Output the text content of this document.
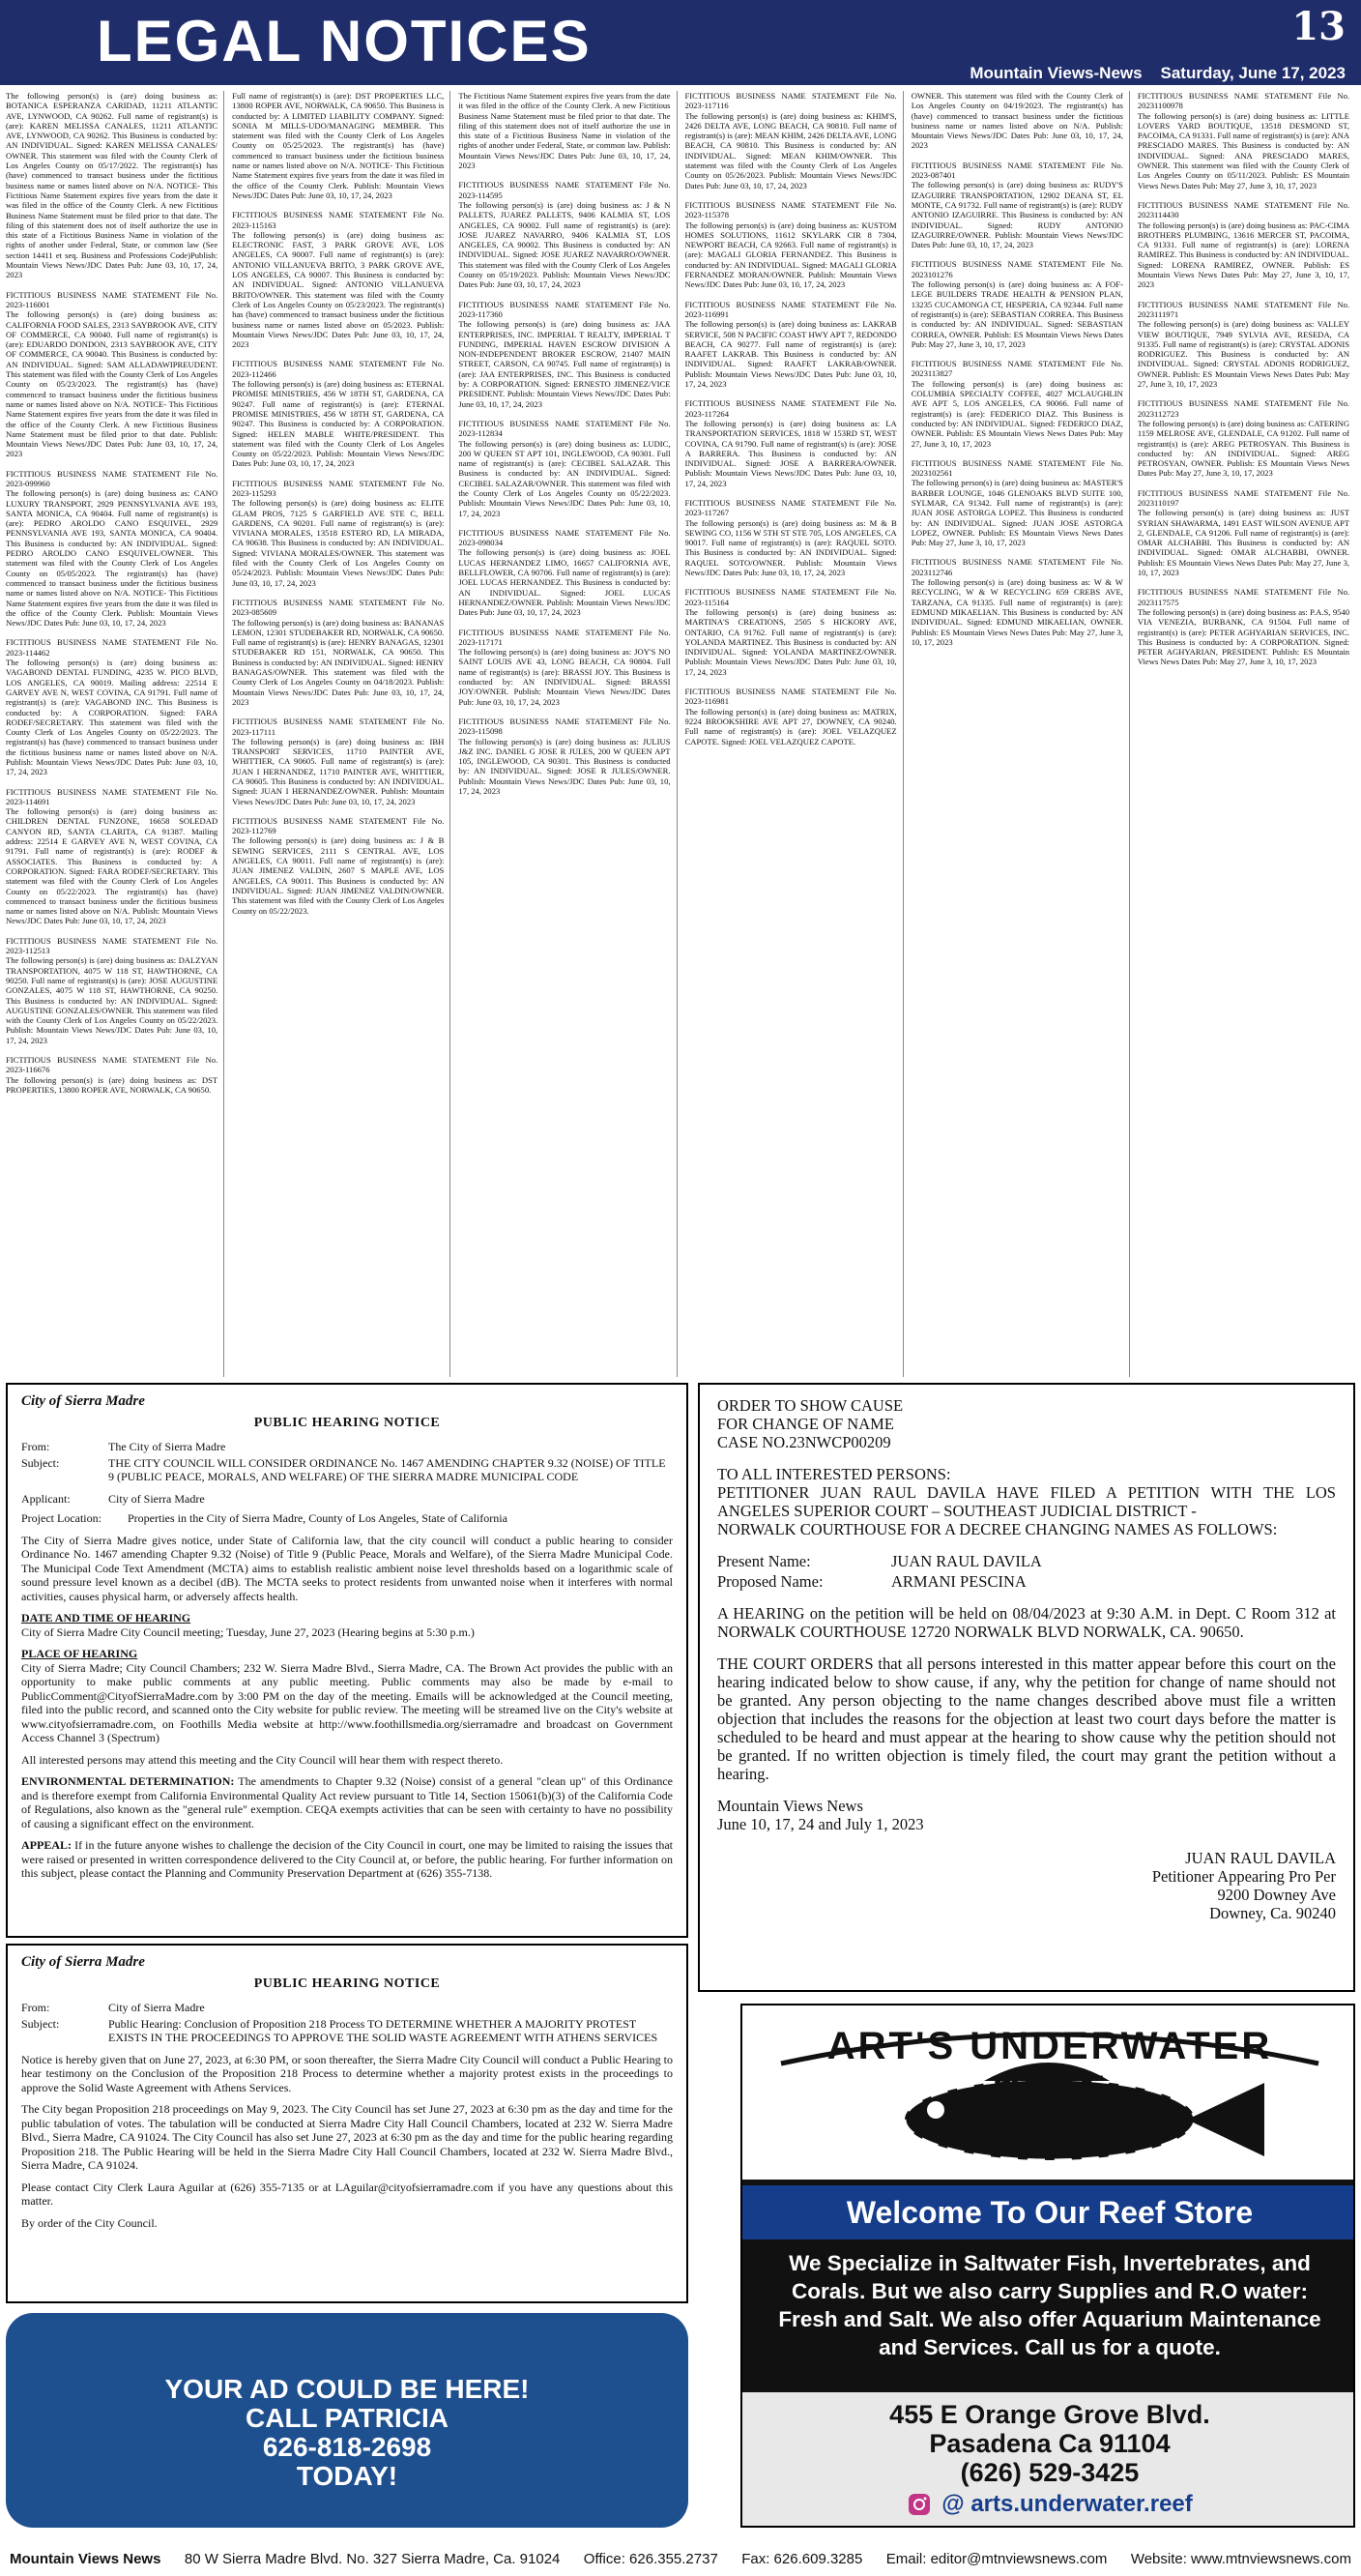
LEGAL NOTICES	13
Mountain Views-News Saturday, June 17, 2023
The following person(s) is (are) doing business as: BOTANICA ESPERANZA CARIDAD, 11211 ATLANTIC AVE, LYNWOOD, CA 90262. Full name of registrant(s) is (are): KAREN MELISSA CANALES, 11211 ATLANTIC AVE, LYNWOOD, CA 90262. This Business is conducted by: AN INDIVIDUAL. Signed: KAREN MELISSA CANALES/ OWNER. This statement was filed with the County Clerk of Los Angeles County on 05/17/2022. The registrant(s) has (have) commenced to transact business under the fictitious business name or names listed above on N/A. NOTICE- This Fictitious Name Statement expires five years from the date it was filed in the office of the County Clerk. A new Fictitious Business Name Statement must be filed prior to that date. The filing of this statement does not of itself authorize the use in this state of a Fictitious Business Name in violation of the rights of another under Federal, State, or common law (See section 14411 et seq. Business and Professions Code)Publish: Mountain Views News/JDC Dates Pub: June 03, 10, 17, 24, 2023
FICTITIOUS BUSINESS NAME STATEMENT File No. 2023-116001
The following person(s) is (are) doing business as: CALIFORNIA FOOD SALES, 2313 SAYBROOK AVE, CITY OF COMMERCE, CA 90040. Full name of registrant(s) is (are): EDUARDO DONDON, 2313 SAYBROOK AVE, CITY OF COMMERCE, CA 90040. This Business is conducted by: AN INDIVIDUAL. Signed: SAM ALLADAWIPREUDENT. This statement was filed with the County Clerk of Los Angeles County on 05/23/2023. The registrant(s) has (have) commenced to transact business under the fictitious business name or names listed above on N/A. NOTICE- This Fictitious Name Statement expires five years from the date it was filed in the office of the County Clerk. A new Fictitious Business Name Statement must be filed prior to that date. Publish: Mountain Views News/JDC Dates Pub: June 03, 10, 17, 24, 2023
FICTITIOUS BUSINESS NAME STATEMENT File No. 2023-099960
The following person(s) is (are) doing business as: CANO LUXURY TRANSPORT, 2929 PENNSYLVANIA AVE 193, SANTA MONICA, CA 90404. Full name of registrant(s) is (are): PEDRO AROLDO CANO ESQUIVEL, 2929 PENNSYLVANIA AVE 193, SANTA MONICA, CA 90404. This Business is conducted by: AN INDIVIDUAL. Signed: PEDRO AROLDO CANO ESQUIVEL/OWNER. This statement was filed with the County Clerk of Los Angeles County on 05/05/2023. The registrant(s) has (have) commenced to transact business under the fictitious business name or names listed above on N/A. NOTICE- This Fictitious Name Statement expires five years from the date it was filed in the office of the County Clerk. Publish: Mountain Views News/JDC Dates Pub: June 03, 10, 17, 24, 2023
FICTITIOUS BUSINESS NAME STATEMENT File No. 2023-114462
The following person(s) is (are) doing business as: VAGABOND DENTAL FUNDING, 4235 W. PICO BLVD, LOS ANGELES, CA 90019. Mailing address: 22514 E GARVEY AVE N, WEST COVINA, CA 91791. Full name of registrant(s) is (are): VAGABOND INC. This Business is conducted by: A CORPORATION. Signed: FARA RODEF/SECRETARY. This statement was filed with the County Clerk of Los Angeles County on 05/22/2023. The registrant(s) has (have) commenced to transact business under the fictitious business name or names listed above on N/A. Publish: Mountain Views News/JDC Dates Pub: June 03, 10, 17, 24, 2023
FICTITIOUS BUSINESS NAME STATEMENT File No. 2023-114691
The following person(s) is (are) doing business as: CHILDREN DENTAL FUNZONE, 16658 SOLEDAD CANYON RD, SANTA CLARITA, CA 91387. Mailing address: 22514 E GARVEY AVE N, WEST COVINA, CA 91791. Full name of registrant(s) is (are): RODEF & ASSOCIATES. This Business is conducted by: A CORPORATION. Signed: FARA RODEF/SECRETARY. This statement was filed with the County Clerk of Los Angeles County on 05/22/2023. The registrant(s) has (have) commenced to transact business under the fictitious business name or names listed above on N/A. Publish: Mountain Views News/JDC Dates Pub: June 03, 10, 17, 24, 2023
FICTITIOUS BUSINESS NAME STATEMENT File No. 2023-112513
The following person(s) is (are) doing business as: DALZYAN TRANSPORTATION, 4075 W 118 ST, HAWTHORNE, CA 90250. Full name of registrant(s) is (are): JOSE AUGUSTINE GONZALES, 4075 W 118 ST, HAWTHORNE, CA 90250. This Business is conducted by: AN INDIVIDUAL. Signed: AUGUSTINE GONZALES/OWNER. This statement was filed with the County Clerk of Los Angeles County on 05/22/2023. Publish: Mountain Views News/JDC Dates Pub: June 03, 10, 17, 24, 2023
FICTITIOUS BUSINESS NAME STATEMENT File No. 2023-116676
The following person(s) is (are) doing business as: DST PROPERTIES, 13800 ROPER AVE, NORWALK, CA 90650.
Full name of registrant(s) is (are): DST PROPERTIES LLC, 13800 ROPER AVE, NORWALK, CA 90650. This Business is conducted by: A LIMITED LIABILITY COMPANY. Signed: SONIA M MILLS-UDO/MANAGING MEMBER. This statement was filed with the County Clerk of Los Angeles County on 05/25/2023. The registrant(s) has (have) commenced to transact business under the fictitious business name or names listed above on N/A. NOTICE- This Fictitious Name Statement expires five years from the date it was filed in the office of the County Clerk. Publish: Mountain Views News/JDC Dates Pub: June 03, 10, 17, 24, 2023
FICTITIOUS BUSINESS NAME STATEMENT File No. 2023-115163
The following person(s) is (are) doing business as: ELECTRONIC FAST, 3 PARK GROVE AVE, LOS ANGELES, CA 90007. Full name of registrant(s) is (are): ANTONIO VILLANUEVA BRITO, 3 PARK GROVE AVE, LOS ANGELES, CA 90007. This Business is conducted by: AN INDIVIDUAL. Signed: ANTONIO VILLANUEVA BRITO/OWNER. This statement was filed with the County Clerk of Los Angeles County on 05/23/2023. The registrant(s) has (have) commenced to transact business under the fictitious business name or names listed above on 05/2023. Publish: Mountain Views News/JDC Dates Pub: June 03, 10, 17, 24, 2023
FICTITIOUS BUSINESS NAME STATEMENT File No. 2023-112466
The following person(s) is (are) doing business as: ETERNAL PROMISE MINISTRIES, 456 W 18TH ST, GARDENA, CA 90247. Full name of registrant(s) is (are): ETERNAL PROMISE MINISTRIES, 456 W 18TH ST, GARDENA, CA 90247. This Business is conducted by: A CORPORATION. Signed: HELEN MABLE WHITE/PRESIDENT. This statement was filed with the County Clerk of Los Angeles County on 05/22/2023. Publish: Mountain Views News/JDC Dates Pub: June 03, 10, 17, 24, 2023
FICTITIOUS BUSINESS NAME STATEMENT File No. 2023-115293
The following person(s) is (are) doing business as: ELITE GLAM PROS, 7125 S GARFIELD AVE STE C, BELL GARDENS, CA 90201. Full name of registrant(s) is (are): VIVIANA MORALES, 13518 ESTERO RD, LA MIRADA, CA 90638. This Business is conducted by: AN INDIVIDUAL. Signed: VIVIANA MORALES/OWNER. This statement was filed with the County Clerk of Los Angeles County on 05/24/2023. Publish: Mountain Views News/JDC Dates Pub: June 03, 10, 17, 24, 2023
FICTITIOUS BUSINESS NAME STATEMENT File No. 2023-085609
The following person(s) is (are) doing business as: BANANAS LEMON, 12301 STUDEBAKER RD, NORWALK, CA 90650. Full name of registrant(s) is (are): HENRY BANAGAS, 12301 STUDEBAKER RD 151, NORWALK, CA 90650. This Business is conducted by: AN INDIVIDUAL. Signed: HENRY BANAGAS/OWNER. This statement was filed with the County Clerk of Los Angeles County on 04/18/2023. Publish: Mountain Views News/JDC Dates Pub: June 03, 10, 17, 24, 2023
FICTITIOUS BUSINESS NAME STATEMENT File No. 2023-117111
The following person(s) is (are) doing business as: IBH TRANSPORT SERVICES, 11710 PAINTER AVE, WHITTIER, CA 90605. Full name of registrant(s) is (are): JUAN I HERNANDEZ, 11710 PAINTER AVE, WHITTIER, CA 90605. This Business is conducted by: AN INDIVIDUAL. Signed: JUAN I HERNANDEZ/OWNER. Publish: Mountain Views News/JDC Dates Pub: June 03, 10, 17, 24, 2023
FICTITIOUS BUSINESS NAME STATEMENT File No. 2023-112769
The following person(s) is (are) doing business as: J & B SEWING SERVICES, 2111 S CENTRAL AVE, LOS ANGELES, CA 90011. Full name of registrant(s) is (are): JUAN JIMENEZ VALDIN, 2607 S MAPLE AVE, LOS ANGELES, CA 90011. This Business is conducted by: AN INDIVIDUAL. Signed: JUAN JIMENEZ VALDIN/OWNER. This statement was filed with the County Clerk of Los Angeles County on 05/22/2023.
The Fictitious Name Statement expires five years from the date it was filed in the office of the County Clerk. A new Fictitious Business Name Statement must be filed prior to that date. The filing of this statement does not of itself authorize the use in this state of a Fictitious Business Name in violation of the rights of another under Federal, State, or common law. Publish: Mountain Views News/JDC Dates Pub: June 03, 10, 17, 24, 2023
FICTITIOUS BUSINESS NAME STATEMENT File No. 2023-114595
The following person(s) is (are) doing business as: J & N PALLETS, JUAREZ PALLETS, 9406 KALMIA ST, LOS ANGELES, CA 90002. Full name of registrant(s) is (are): JOSE JUAREZ NAVARRO, 9406 KALMIA ST, LOS ANGELES, CA 90002. This Business is conducted by: AN INDIVIDUAL. Signed: JOSE JUAREZ NAVARRO/OWNER. This statement was filed with the County Clerk of Los Angeles County on 05/19/2023. Publish: Mountain Views News/JDC Dates Pub: June 03, 10, 17, 24, 2023
FICTITIOUS BUSINESS NAME STATEMENT File No. 2023-117360
The following person(s) is (are) doing business as: JAA ENTERPRISES, INC. IMPERIAL T REALTY, IMPERIAL T FUNDING, IMPERIAL HAVEN ESCROW DIVISION A NON-INDEPENDENT BROKER ESCROW, 21407 MAIN STREET, CARSON, CA 90745. Full name of registrant(s) is (are): JAA ENTERPRISES, INC. This Business is conducted by: A CORPORATION. Signed: ERNESTO JIMENEZ/VICE PRESIDENT. Publish: Mountain Views News/JDC Dates Pub: June 03, 10, 17, 24, 2023
FICTITIOUS BUSINESS NAME STATEMENT File No. 2023-112834
The following person(s) is (are) doing business as: LUDIC, 200 W QUEEN ST APT 101, INGLEWOOD, CA 90301. Full name of registrant(s) is (are): CECIBEL SALAZAR. This Business is conducted by: AN INDIVIDUAL. Signed: CECIBEL SALAZAR/OWNER. This statement was filed with the County Clerk of Los Angeles County on 05/22/2023. Publish: Mountain Views News/JDC Dates Pub: June 03, 10, 17, 24, 2023
FICTITIOUS BUSINESS NAME STATEMENT File No. 2023-098034
The following person(s) is (are) doing business as: JOEL LUCAS HERNANDEZ LIMO, 16657 CALIFORNIA AVE, BELLFLOWER, CA 90706. Full name of registrant(s) is (are): JOEL LUCAS HERNANDEZ. This Business is conducted by: AN INDIVIDUAL. Signed: JOEL LUCAS HERNANDEZ/OWNER. Publish: Mountain Views News/JDC Dates Pub: June 03, 10, 17, 24, 2023
FICTITIOUS BUSINESS NAME STATEMENT File No. 2023-117171
The following person(s) is (are) doing business as: JOY'S NO SAINT LOUIS AVE 43, LONG BEACH, CA 90804. Full name of registrant(s) is (are): BRASSI JOY. This Business is conducted by: AN INDIVIDUAL. Signed: BRASSI JOY/OWNER. Publish: Mountain Views News/JDC Dates Pub: June 03, 10, 17, 24, 2023
FICTITIOUS BUSINESS NAME STATEMENT File No. 2023-115098
The following person(s) is (are) doing business as: JULIUS J&Z INC. DANIEL G JOSE R JULES, 200 W QUEEN APT 105, INGLEWOOD, CA 90301. This Business is conducted by: AN INDIVIDUAL. Signed: JOSE R JULES/OWNER. Publish: Mountain Views News/JDC Dates Pub: June 03, 10, 17, 24, 2023
FICTITIOUS BUSINESS NAME STATEMENT File No. 2023-117116
The following person(s) is (are) doing business as: KHIM'S, 2426 DELTA AVE, LONG BEACH, CA 90810. Full name of registrant(s) is (are): MEAN KHIM, 2426 DELTA AVE, LONG BEACH, CA 90810. This Business is conducted by: AN INDIVIDUAL. Signed: MEAN KHIM/OWNER. This statement was filed with the County Clerk of Los Angeles County on 05/26/2023. Publish: Mountain Views News/JDC Dates Pub: June 03, 10, 17, 24, 2023
FICTITIOUS BUSINESS NAME STATEMENT File No. 2023-115378
The following person(s) is (are) doing business as: KUSTOM HOMES SOLUTIONS, 11612 SKYLARK CIR 8 7304, NEWPORT BEACH, CA 92663. Full name of registrant(s) is (are): MAGALI GLORIA FERNANDEZ. This Business is conducted by: AN INDIVIDUAL. Signed: MAGALI GLORIA FERNANDEZ MORAN/OWNER. Publish: Mountain Views News/JDC Dates Pub: June 03, 10, 17, 24, 2023
FICTITIOUS BUSINESS NAME STATEMENT File No. 2023-116991
The following person(s) is (are) doing business as: LAKRAB SERVICE, 508 N PACIFIC COAST HWY APT 7, REDONDO BEACH, CA 90277. Full name of registrant(s) is (are): RAAFET LAKRAB. This Business is conducted by: AN INDIVIDUAL. Signed: RAAFET LAKRAB/OWNER. Publish: Mountain Views News/JDC Dates Pub: June 03, 10, 17, 24, 2023
FICTITIOUS BUSINESS NAME STATEMENT File No. 2023-117264
The following person(s) is (are) doing business as: LA TRANSPORTATION SERVICES, 1818 W 153RD ST, WEST COVINA, CA 91790. Full name of registrant(s) is (are): JOSE A BARRERA. This Business is conducted by: AN INDIVIDUAL. Signed: JOSE A BARRERA/OWNER. Publish: Mountain Views News/JDC Dates Pub: June 03, 10, 17, 24, 2023
FICTITIOUS BUSINESS NAME STATEMENT File No. 2023-117267
The following person(s) is (are) doing business as: M & B SEWING CO, 1156 W 5TH ST STE 705, LOS ANGELES, CA 90017. Full name of registrant(s) is (are): RAQUEL SOTO. This Business is conducted by: AN INDIVIDUAL. Signed: RAQUEL SOTO/OWNER. Publish: Mountain Views News/JDC Dates Pub: June 03, 10, 17, 24, 2023
FICTITIOUS BUSINESS NAME STATEMENT File No. 2023-115164
The following person(s) is (are) doing business as: MARTINA'S CREATIONS, 2505 S HICKORY AVE, ONTARIO, CA 91762. Full name of registrant(s) is (are): YOLANDA MARTINEZ. This Business is conducted by: AN INDIVIDUAL. Signed: YOLANDA MARTINEZ/OWNER. Publish: Mountain Views News/JDC Dates Pub: June 03, 10, 17, 24, 2023
FICTITIOUS BUSINESS NAME STATEMENT File No. 2023-116981
The following person(s) is (are) doing business as: MATRIX, 9224 BROOKSHIRE AVE APT 27, DOWNEY, CA 90240. Full name of registrant(s) is (are): JOEL VELAZQUEZ CAPOTE. Signed: JOEL VELAZQUEZ CAPOTE.
OWNER. This statement was filed with the County Clerk of Los Angeles County on 04/19/2023. The registrant(s) has (have) commenced to transact business under the fictitious business name or names listed above on N/A. Publish: Mountain Views News/JDC Dates Pub: June 03, 10, 17, 24, 2023
FICTITIOUS BUSINESS NAME STATEMENT File No. 2023-087401
The following person(s) is (are) doing business as: RUDY'S IZAGUIRRE TRANSPORTATION, 12902 DEANA ST, EL MONTE, CA 91732. Full name of registrant(s) is (are): RUDY ANTONIO IZAGUIRRE. This Business is conducted by: AN INDIVIDUAL. Signed: RUDY ANTONIO IZAGUIRRE/OWNER. Publish: Mountain Views News/JDC Dates Pub: June 03, 10, 17, 24, 2023
FICTITIOUS BUSINESS NAME STATEMENT File No. 2023101276
The following person(s) is (are) doing business as: A FOF-LEGE BUILDERS TRADE HEALTH & PENSION PLAN, 13235 CUCAMONGA CT, HESPERIA, CA 92344. Full name of registrant(s) is (are): SEBASTIAN CORREA. This Business is conducted by: AN INDIVIDUAL. Signed: SEBASTIAN CORREA, OWNER. Publish: ES Mountain Views News Dates Pub: May 27, June 3, 10, 17, 2023
FICTITIOUS BUSINESS NAME STATEMENT File No. 2023113827
The following person(s) is (are) doing business as: COLUMBIA SPECIALTY COFFEE, 4027 MCLAUGHLIN AVE APT 5, LOS ANGELES, CA 90066. Full name of registrant(s) is (are): FEDERICO DIAZ. This Business is conducted by: AN INDIVIDUAL. Signed: FEDERICO DIAZ, OWNER. Publish: ES Mountain Views News Dates Pub: May 27, June 3, 10, 17, 2023
FICTITIOUS BUSINESS NAME STATEMENT File No. 2023102561
The following person(s) is (are) doing business as: MASTER'S BARBER LOUNGE, 1046 GLENOAKS BLVD SUITE 100, SYLMAR, CA 91342. Full name of registrant(s) is (are): JUAN JOSE ASTORGA LOPEZ. This Business is conducted by: AN INDIVIDUAL. Signed: JUAN JOSE ASTORGA LOPEZ, OWNER. Publish: ES Mountain Views News Dates Pub: May 27, June 3, 10, 17, 2023
FICTITIOUS BUSINESS NAME STATEMENT File No. 2023112746
The following person(s) is (are) doing business as: W & W RECYCLING, W & W RECYCLING 659 CREBS AVE, TARZANA, CA 91335. Full name of registrant(s) is (are): EDMUND MIKAELIAN. This Business is conducted by: AN INDIVIDUAL. Signed: EDMUND MIKAELIAN, OWNER. Publish: ES Mountain Views News Dates Pub: May 27, June 3, 10, 17, 2023
FICTITIOUS BUSINESS NAME STATEMENT File No. 20231100978
The following person(s) is (are) doing business as: LITTLE LOVERS YARD BOUTIQUE, 13518 DESMOND ST, PACOIMA, CA 91331. Full name of registrant(s) is (are): ANA PRESCIADO MARES. This Business is conducted by: AN INDIVIDUAL. Signed: ANA PRESCIADO MARES, OWNER. This statement was filed with the County Clerk of Los Angeles County on 05/11/2023. Publish: ES Mountain Views News Dates Pub: May 27, June 3, 10, 17, 2023
FICTITIOUS BUSINESS NAME STATEMENT File No. 2023114430
The following person(s) is (are) doing business as: PAC-CIMA BROTHERS PLUMBING, 13616 MERCER ST, PACOIMA, CA 91331. Full name of registrant(s) is (are): LORENA RAMIREZ. This Business is conducted by: AN INDIVIDUAL. Signed: LORENA RAMIREZ, OWNER. Publish: ES Mountain Views News Dates Pub: May 27, June 3, 10, 17, 2023
FICTITIOUS BUSINESS NAME STATEMENT File No. 2023111971
The following person(s) is (are) doing business as: VALLEY VIEW BOUTIQUE, 7949 SYLVIA AVE, RESEDA, CA 91335. Full name of registrant(s) is (are): CRYSTAL ADONIS RODRIGUEZ. This Business is conducted by: AN INDIVIDUAL. Signed: CRYSTAL ADONIS RODRIGUEZ, OWNER. Publish: ES Mountain Views News Dates Pub: May 27, June 3, 10, 17, 2023
FICTITIOUS BUSINESS NAME STATEMENT File No. 2023112723
The following person(s) is (are) doing business as: CATERING 1159 MELROSE AVE, GLENDALE, CA 91202. Full name of registrant(s) is (are): AREG PETROSYAN. This Business is conducted by: AN INDIVIDUAL. Signed: AREG PETROSYAN, OWNER. Publish: ES Mountain Views News Dates Pub: May 27, June 3, 10, 17, 2023
FICTITIOUS BUSINESS NAME STATEMENT File No. 2023110197
The following person(s) is (are) doing business as: JUST SYRIAN SHAWARMA, 1491 EAST WILSON AVENUE APT 2, GLENDALE, CA 91206. Full name of registrant(s) is (are): OMAR ALCHABBI. This Business is conducted by: AN INDIVIDUAL. Signed: OMAR ALCHABBI, OWNER. Publish: ES Mountain Views News Dates Pub: May 27, June 3, 10, 17, 2023
FICTITIOUS BUSINESS NAME STATEMENT File No. 2023117575
The following person(s) is (are) doing business as: P.A.S, 9540 VIA VENEZIA, BURBANK, CA 91504. Full name of registrant(s) is (are): PETER AGHYARIAN SERVICES, INC. This Business is conducted by: A CORPORATION. Signed: PETER AGHYARIAN, PRESIDENT. Publish: ES Mountain Views News Dates Pub: May 27, June 3, 10, 17, 2023
City of Sierra Madre
PUBLIC HEARING NOTICE
From:	The City of Sierra Madre
Subject:	THE CITY COUNCIL WILL CONSIDER ORDINANCE No. 1467 AMENDING CHAPTER 9.32 (NOISE) OF TITLE 9 (PUBLIC PEACE, MORALS, AND WELFARE) OF THE SIERRA MADRE MUNICIPAL CODE
Applicant:	City of Sierra Madre
Project Location:	Properties in the City of Sierra Madre, County of Los Angeles, State of California

The City of Sierra Madre gives notice, under State of California law, that the city council will conduct a public hearing to consider Ordinance No. 1467 amending Chapter 9.32 (Noise) of Title 9 (Public Peace, Morals and Welfare), of the Sierra Madre Municipal Code. The Municipal Code Text Amendment (MCTA) aims to establish realistic ambient noise level thresholds based on a logarithmic scale of sound pressure level known as a decibel (dB). The MCTA seeks to protect residents from unwanted noise when it interferes with normal activities, causes physical harm, or adversely affects health.

DATE AND TIME OF HEARING
City of Sierra Madre City Council meeting; Tuesday, June 27, 2023 (Hearing begins at 5:30 p.m.)
PLACE OF HEARING
City of Sierra Madre; City Council Chambers; 232 W. Sierra Madre Blvd., Sierra Madre, CA. The Brown Act provides the public with an opportunity to make public comments at any public meeting. Public comments may also be made by e-mail to PublicComment@CityofSierraMadre.com by 3:00 PM on the day of the meeting. Emails will be acknowledged at the Council meeting, filed into the public record, and scanned onto the City website for public review. The meeting will be streamed live on the City's website at www.cityofsierramadre.com, on Foothills Media website at http://www.foothillsmedia.org/sierramadre and broadcast on Government Access Channel 3 (Spectrum)

All interested persons may attend this meeting and the City Council will hear them with respect thereto.

ENVIRONMENTAL DETERMINATION: The amendments to Chapter 9.32 (Noise) consist of a general "clean up" of this Ordinance and is therefore exempt from California Environmental Quality Act review pursuant to Title 14, Section 15061(b)(3) of the California Code of Regulations, also known as the "general rule" exemption. CEQA exempts activities that can be seen with certainty to have no possibility of causing a significant effect on the environment.

APPEAL: If in the future anyone wishes to challenge the decision of the City Council in court, one may be limited to raising the issues that were raised or presented in written correspondence delivered to the City Council at, or before, the public hearing. For further information on this subject, please contact the Planning and Community Preservation Department at (626) 355-7138.

City of Sierra Madre
PUBLIC HEARING NOTICE
From:	City of Sierra Madre
Subject:	Public Hearing: Conclusion of Proposition 218 Process TO DETERMINE WHETHER A MAJORITY PROTEST EXISTS IN THE PROCEEDINGS TO APPROVE THE SOLID WASTE AGREEMENT WITH ATHENS SERVICES

Notice is hereby given that on June 27, 2023, at 6:30 PM, or soon thereafter, the Sierra Madre City Council will conduct a Public Hearing to hear testimony on the Conclusion of the Proposition 218 Process to determine whether a majority protest exists in the proceedings to approve the Solid Waste Agreement with Athens Services.

The City began Proposition 218 proceedings on May 9, 2023. The City Council has set June 27, 2023 at 6:30 pm as the day and time for the public tabulation of votes. The tabulation will be conducted at Sierra Madre City Hall Council Chambers, located at 232 W. Sierra Madre Blvd., Sierra Madre, CA 91024. The City Council has also set June 27, 2023 at 6:30 pm as the day and time for the public hearing regarding Proposition 218. The Public Hearing will be held in the Sierra Madre City Hall Council Chambers, located at 232 W. Sierra Madre Blvd., Sierra Madre, CA 91024.

Please contact City Clerk Laura Aguilar at (626) 355-7135 or at LAguilar@cityofsierramadre.com if you have any questions about this matter.

By order of the City Council.

ORDER TO SHOW CAUSE
FOR CHANGE OF NAME
CASE NO.23NWCP00209
TO ALL INTERESTED PERSONS:
PETITIONER JUAN RAUL DAVILA HAVE FILED A PETITION WITH THE LOS ANGELES SUPERIOR COURT – SOUTHEAST JUDICIAL DISTRICT -
NORWALK COURTHOUSE FOR A DECREE CHANGING NAMES AS FOLLOWS:
Present Name:	JUAN RAUL DAVILA
Proposed Name:	ARMANI PESCINA

A HEARING on the petition will be held on 08/04/2023 at 9:30 A.M. in Dept. C Room 312 at NORWALK COURTHOUSE 12720 NORWALK BLVD NORWALK, CA. 90650.

THE COURT ORDERS that all persons interested in this matter appear before this court on the hearing indicated below to show cause, if any, why the petition for change of name should not be granted. Any person objecting to the name changes described above must file a written objection that includes the reasons for the objection at least two court days before the matter is scheduled to be heard and must appear at the hearing to show cause why the petition should not be granted. If no written objection is timely filed, the court may grant the petition without a hearing.

Mountain Views News
June 10, 17, 24 and July 1, 2023
JUAN RAUL DAVILA
Petitioner Appearing Pro Per
9200 Downey Ave
Downey, Ca. 90240
ART'S UNDERWATER REEF
Welcome To Our Reef Store
We Specialize in Saltwater Fish, Invertebrates, and Corals. But we also carry Supplies and R.O water: Fresh and Salt. We also offer Aquarium Maintenance and Services. Call us for a quote.
455 E Orange Grove Blvd.
Pasadena Ca 91104
(626) 529-3425
@ arts.underwater.reef
YOUR AD COULD BE HERE!
CALL PATRICIA
626-818-2698
TODAY!
Mountain Views News 80 W Sierra Madre Blvd. No. 327 Sierra Madre, Ca. 91024 Office: 626.355.2737 Fax: 626.609.3285 Email: editor@mtnviewsnews.com Website: www.mtnviewsnews.com
